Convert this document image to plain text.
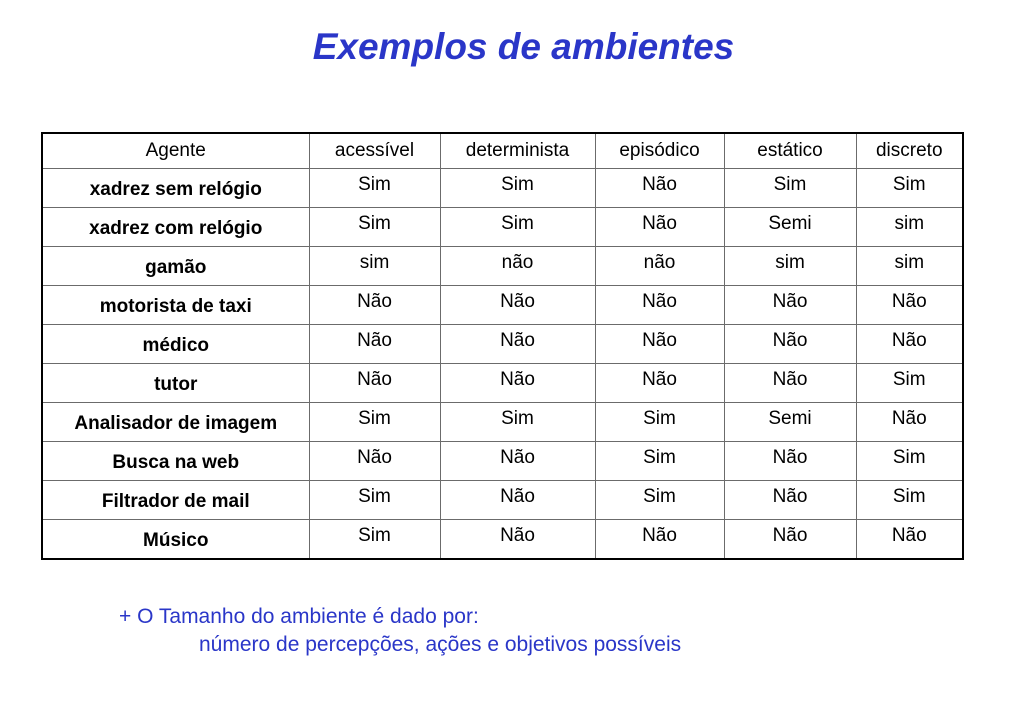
Exemplos de ambientes
Agente	acessível	determinista	episódico	estático	discreto
xadrez sem relógio	Sim	Sim	Não	Sim	Sim
xadrez com relógio	Sim	Sim	Não	Semi	sim
gamão	sim	não	não	sim	sim
motorista de taxi	Não	Não	Não	Não	Não
médico	Não	Não	Não	Não	Não
tutor	Não	Não	Não	Não	Sim
Analisador de imagem	Sim	Sim	Sim	Semi	Não
Busca na web	Não	Não	Sim	Não	Sim
Filtrador de mail	Sim	Não	Sim	Não	Sim
Músico	Sim	Não	Não	Não	Não
+ O Tamanho do ambiente é dado por:
número de percepções, ações e objetivos possíveis
